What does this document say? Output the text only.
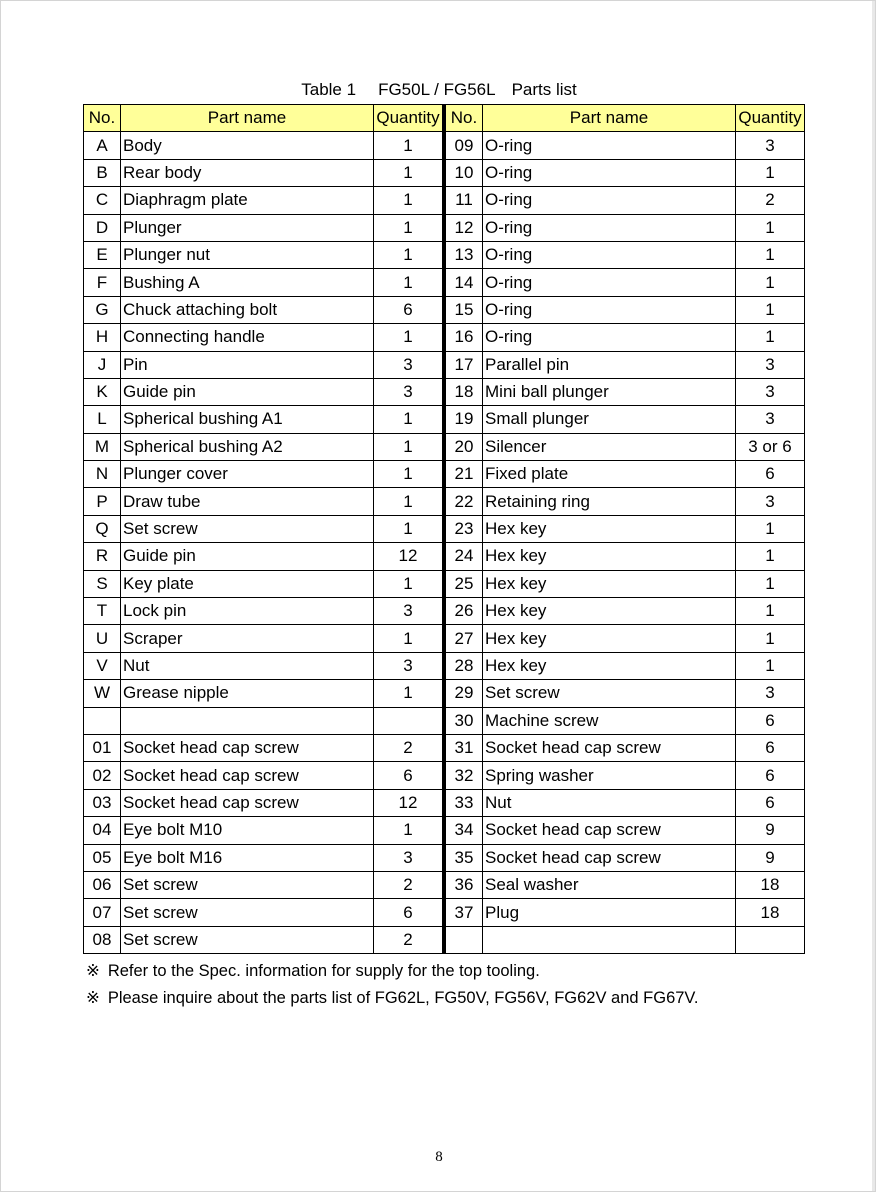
Table 1 FG50L / FG56L Parts list
No.	Part name	Quantity	No.	Part name	Quantity
A	Body	1	09	O-ring	3
B	Rear body	1	10	O-ring	1
C	Diaphragm plate	1	11	O-ring	2
D	Plunger	1	12	O-ring	1
E	Plunger nut	1	13	O-ring	1
F	Bushing A	1	14	O-ring	1
G	Chuck attaching bolt	6	15	O-ring	1
H	Connecting handle	1	16	O-ring	1
J	Pin	3	17	Parallel pin	3
K	Guide pin	3	18	Mini ball plunger	3
L	Spherical bushing A1	1	19	Small plunger	3
M	Spherical bushing A2	1	20	Silencer	3 or 6
N	Plunger cover	1	21	Fixed plate	6
P	Draw tube	1	22	Retaining ring	3
Q	Set screw	1	23	Hex key	1
R	Guide pin	12	24	Hex key	1
S	Key plate	1	25	Hex key	1
T	Lock pin	3	26	Hex key	1
U	Scraper	1	27	Hex key	1
V	Nut	3	28	Hex key	1
W	Grease nipple	1	29	Set screw	3
			30	Machine screw	6
01	Socket head cap screw	2	31	Socket head cap screw	6
02	Socket head cap screw	6	32	Spring washer	6
03	Socket head cap screw	12	33	Nut	6
04	Eye bolt M10	1	34	Socket head cap screw	9
05	Eye bolt M16	3	35	Socket head cap screw	9
06	Set screw	2	36	Seal washer	18
07	Set screw	6	37	Plug	18
08	Set screw	2			
※ Refer to the Spec. information for supply for the top tooling.
※ Please inquire about the parts list of FG62L, FG50V, FG56V, FG62V and FG67V.
8
